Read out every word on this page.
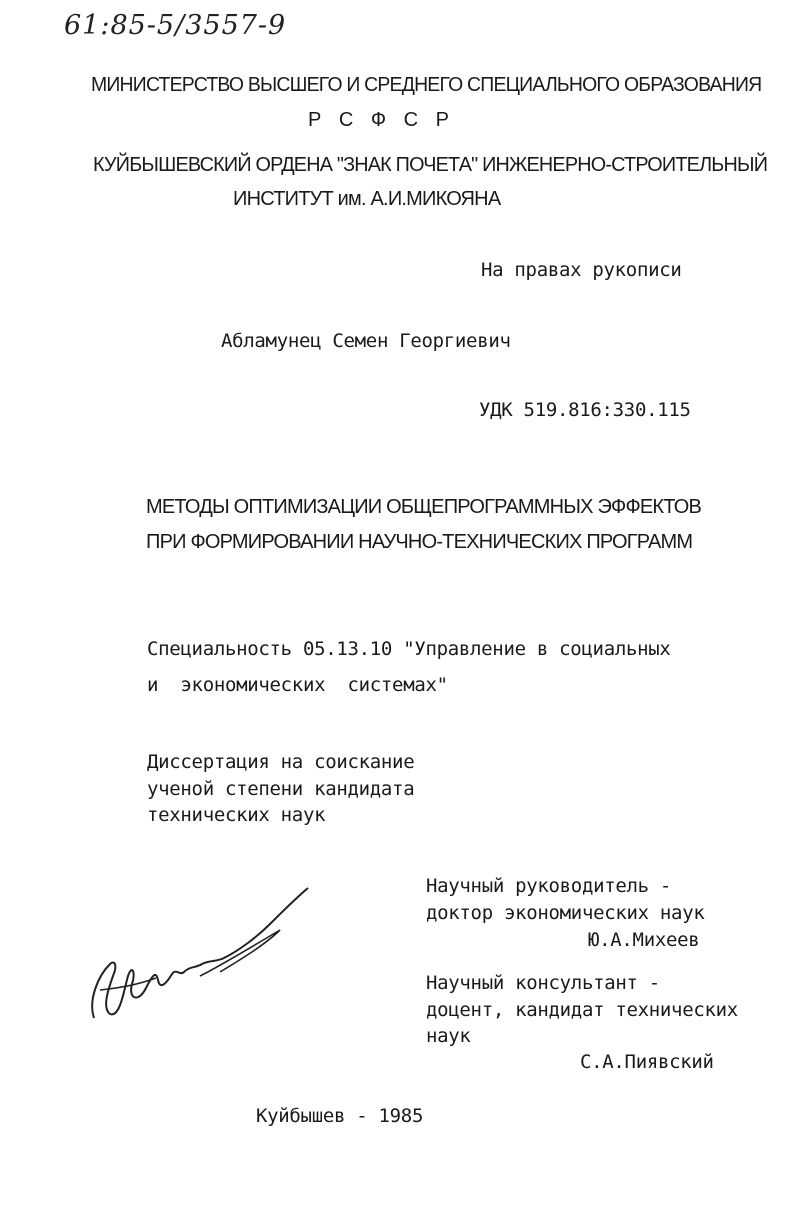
61:85-5/3557-9
МИНИСТЕРСТВО ВЫСШЕГО И СРЕДНЕГО СПЕЦИАЛЬНОГО ОБРАЗОВАНИЯ
Р С Ф С Р
КУЙБЫШЕВСКИЙ ОРДЕНА "ЗНАК ПОЧЕТА" ИНЖЕНЕРНО-СТРОИТЕЛЬНЫЙ
ИНСТИТУТ им. А.И.МИКОЯНА
На правах рукописи
Абламунец Семен Георгиевич
УДК 519.816:330.115
МЕТОДЫ ОПТИМИЗАЦИИ ОБЩЕПРОГРАММНЫХ ЭФФЕКТОВ
ПРИ ФОРМИРОВАНИИ НАУЧНО-ТЕХНИЧЕСКИХ ПРОГРАММ
Специальность 05.13.10 "Управление в социальных
и  экономических  системах"
Диссертация на соискание
ученой степени кандидата
технических наук
Научный руководитель -
доктор экономических наук
Ю.А.Михеев
Научный консультант -
доцент, кандидат технических
наук
С.А.Пиявский
Куйбышев - 1985
